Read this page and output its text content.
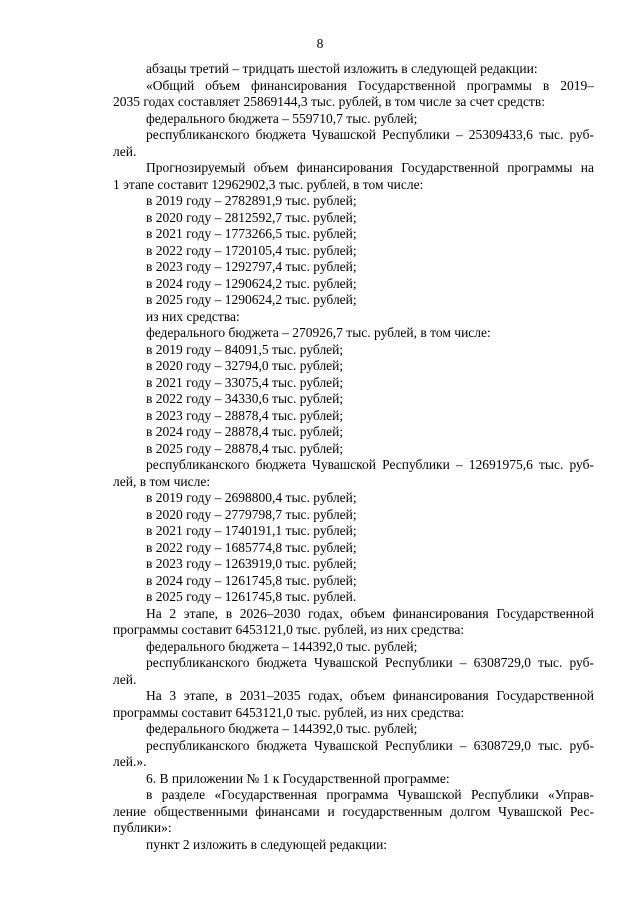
8

абзацы третий – тридцать шестой изложить в следующей редакции:

«Общий объем финансирования Государственной программы в 2019–

2035 годах составляет 25869144,3 тыс. рублей, в том числе за счет средств:

федерального бюджета – 559710,7 тыс. рублей;

республиканского бюджета Чувашской Республики – 25309433,6 тыс. руб-

лей.

Прогнозируемый объем финансирования Государственной программы на

1 этапе составит 12962902,3 тыс. рублей, в том числе:

в 2019 году – 2782891,9 тыс. рублей;

в 2020 году – 2812592,7 тыс. рублей;

в 2021 году – 1773266,5 тыс. рублей;

в 2022 году – 1720105,4 тыс. рублей;

в 2023 году – 1292797,4 тыс. рублей;

в 2024 году – 1290624,2 тыс. рублей;

в 2025 году – 1290624,2 тыс. рублей;

из них средства:

федерального бюджета – 270926,7 тыс. рублей, в том числе:

в 2019 году – 84091,5 тыс. рублей;

в 2020 году – 32794,0 тыс. рублей;

в 2021 году – 33075,4 тыс. рублей;

в 2022 году – 34330,6 тыс. рублей;

в 2023 году – 28878,4 тыс. рублей;

в 2024 году – 28878,4 тыс. рублей;

в 2025 году – 28878,4 тыс. рублей;

республиканского бюджета Чувашской Республики – 12691975,6 тыс. руб-

лей, в том числе:

в 2019 году – 2698800,4 тыс. рублей;

в 2020 году – 2779798,7 тыс. рублей;

в 2021 году – 1740191,1 тыс. рублей;

в 2022 году – 1685774,8 тыс. рублей;

в 2023 году – 1263919,0 тыс. рублей;

в 2024 году – 1261745,8 тыс. рублей;

в 2025 году – 1261745,8 тыс. рублей.

На 2 этапе, в 2026–2030 годах, объем финансирования Государственной

программы составит 6453121,0 тыс. рублей, из них средства:

федерального бюджета – 144392,0 тыс. рублей;

республиканского бюджета Чувашской Республики – 6308729,0 тыс. руб-

лей.

На 3 этапе, в 2031–2035 годах, объем финансирования Государственной

программы составит 6453121,0 тыс. рублей, из них средства:

федерального бюджета – 144392,0 тыс. рублей;

республиканского бюджета Чувашской Республики – 6308729,0 тыс. руб-

лей.».

6. В приложении № 1 к Государственной программе:

в разделе «Государственная программа Чувашской Республики «Управ-

ление общественными финансами и государственным долгом Чувашской Рес-

публики»:

пункт 2 изложить в следующей редакции:
